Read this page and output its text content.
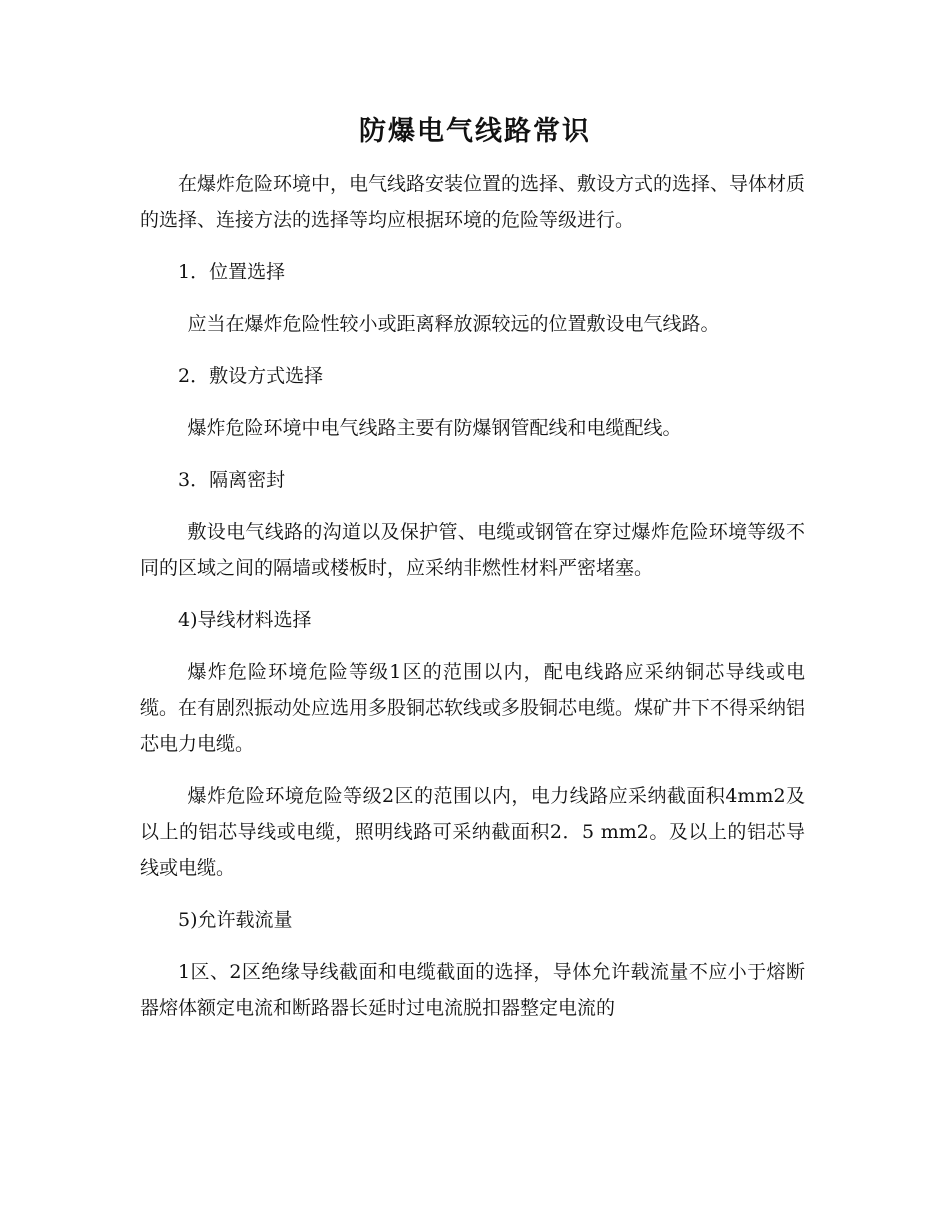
防爆电气线路常识

在爆炸危险环境中，电气线路安装位置的选择、敷设方式的选择、导体材质的选择、连接方法的选择等均应根据环境的危险等级进行。

1．位置选择

应当在爆炸危险性较小或距离释放源较远的位置敷设电气线路。

2．敷设方式选择

爆炸危险环境中电气线路主要有防爆钢管配线和电缆配线。

3．隔离密封

敷设电气线路的沟道以及保护管、电缆或钢管在穿过爆炸危险环境等级不同的区域之间的隔墙或楼板时，应采纳非燃性材料严密堵塞。

4)导线材料选择

爆炸危险环境危险等级1区的范围以内，配电线路应采纳铜芯导线或电缆。在有剧烈振动处应选用多股铜芯软线或多股铜芯电缆。煤矿井下不得采纳铝芯电力电缆。

爆炸危险环境危险等级2区的范围以内，电力线路应采纳截面积4mm2及以上的铝芯导线或电缆，照明线路可采纳截面积2．5 mm2。及以上的铝芯导线或电缆。

5)允许载流量

1区、2区绝缘导线截面和电缆截面的选择，导体允许载流量不应小于熔断器熔体额定电流和断路器长延时过电流脱扣器整定电流的
